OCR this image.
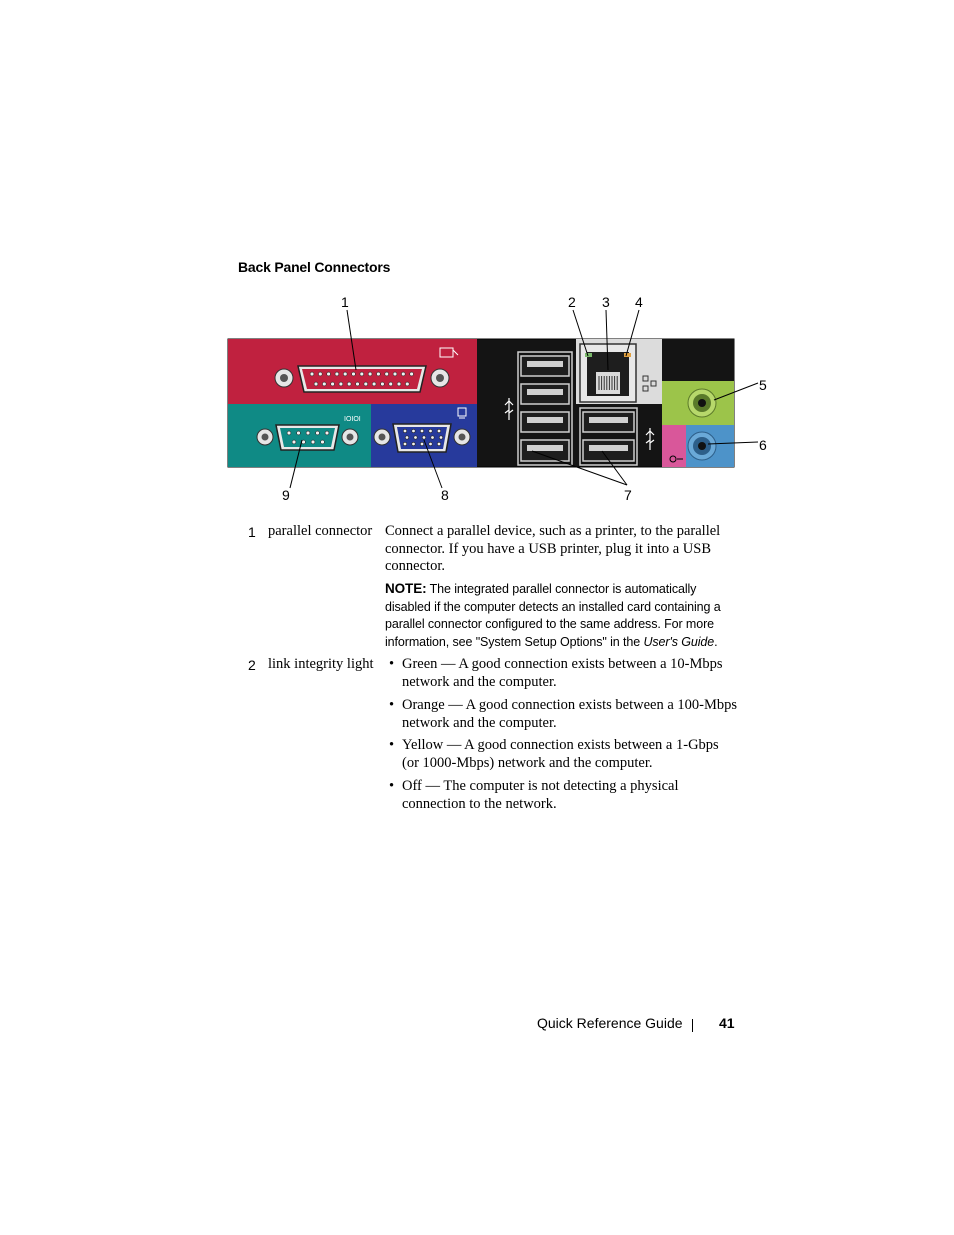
Back Panel Connectors
IOIOI
1	2 3 4
5
6
7
8
9
1 parallel connector Connect a parallel device, such as a printer, to the parallel
connector. If you have a USB printer, plug it into a USB
connector.
NOTE: The integrated parallel connector is automatically
disabled if the computer detects an installed card containing a
parallel connector configured to the same address. For more
information, see "System Setup Options" in the User's Guide.
2 link integrity light • Green — A good connection exists between a 10-Mbps
network and the computer.
• Orange — A good connection exists between a 100-Mbps
network and the computer.
• Yellow — A good connection exists between a 1-Gbps
(or 1000-Mbps) network and the computer.
• Off — The computer is not detecting a physical
connection to the network.
Quick Reference Guide	41
